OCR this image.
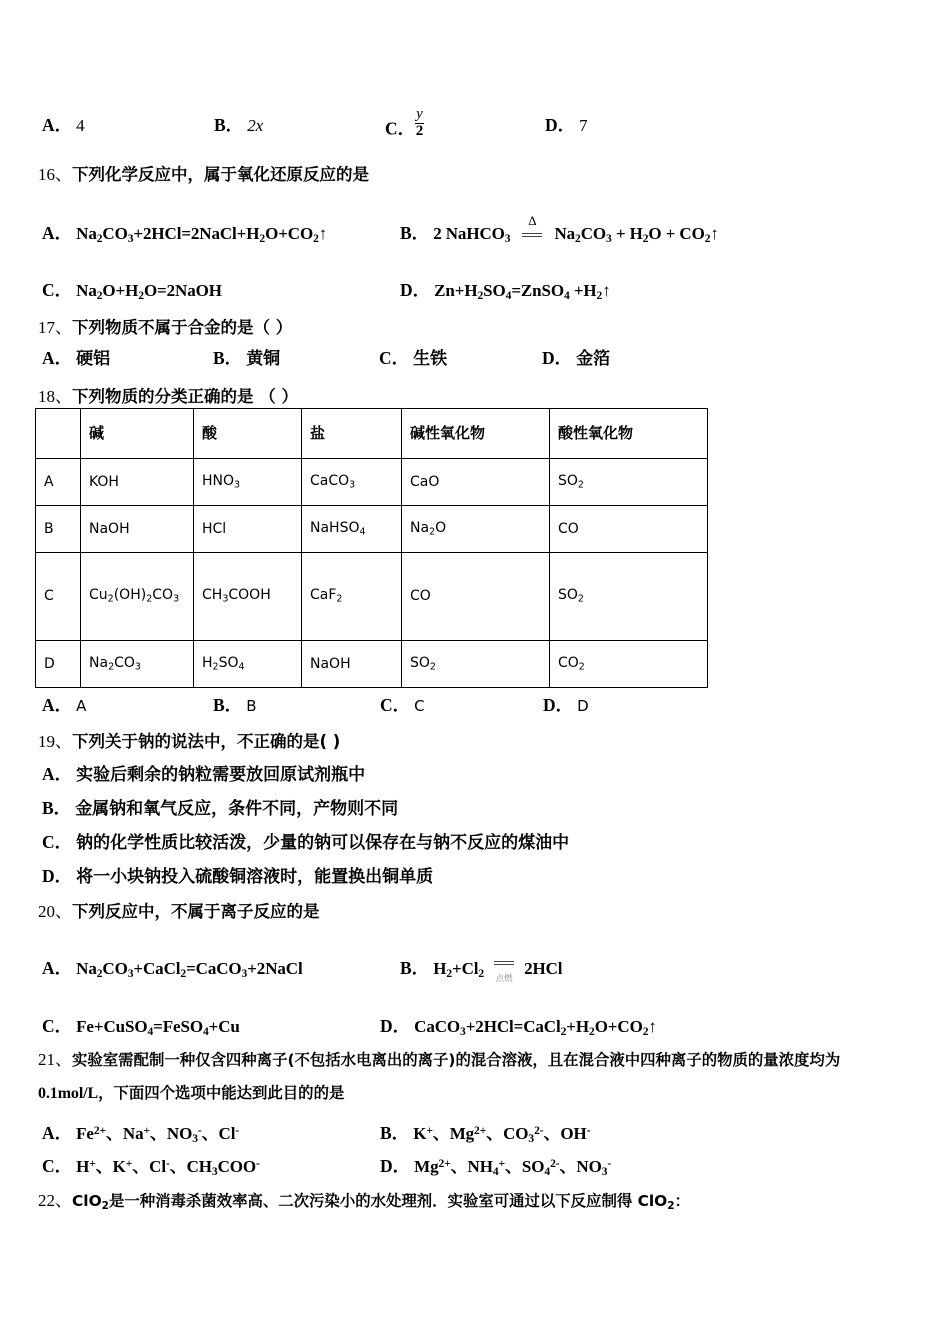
A． 4	B． 2x	C． $\frac{y}{2}$	D． 7
16、下列化学反应中，属于氧化还原反应的是
A． $Na_2CO_3+2HCl=2NaCl+H_2O+CO_2↑$	B． 2 NaHCO$_3$
Δ
$Na_2CO_3 + H_2O$ + $CO_2↑$
C． $Na_2O+H_2O=2NaOH$	D． $Zn+H_2SO_4=ZnSO_4$ $+H_2↑$
17、下列物质不属于合金的是（ ）
A． 硬铝	B． 黄铜	C． 生铁	D． 金箔
18、下列物质的分类正确的是 （ ）
	碱	酸	盐	碱性氧化物	酸性氧化物
A	KOH	$HNO_3$	CaCO$_3$	CaO	$SO_2$
B	NaOH	HCl	NaHSO$_4$	$Na_2O$	CO
C	$Cu_2(OH)_2CO_3$	$CH_3COOH$	CaF$_2$	CO	$SO_2$
D	$Na_2CO_3$	$H_2SO_4$	NaOH	$SO_2$	$CO_2$
A． A	B． B	C． C	D． D
19、下列关于钠的说法中，不正确的是( )
A． 实验后剩余的钠粒需要放回原试剂瓶中
B． 金属钠和氧气反应，条件不同，产物则不同
C． 钠的化学性质比较活泼，少量的钠可以保存在与钠不反应的煤油中
D． 将一小块钠投入硫酸铜溶液时，能置换出铜单质
20、下列反应中，不属于离子反应的是
A． $Na_2CO_3+CaCl_2=CaCO_3+2NaCl$	B． $H_2+Cl_2$	点燃
2HCl
C． Fe+CuSO$_4$=FeSO$_4$+Cu	D． $CaCO_3+2HCl=CaCl_2+H_2O+CO_2↑$
21、实验室需配制一种仅含四种离子(不包括水电离出的离子)的混合溶液，且在混合液中四种离子的物质的量浓度均为
0.1mol/L，下面四个选项中能达到此目的的是
A． $Fe^{2+}$、Na+、$NO_3^-$、Cl-	B． K+、$Mg^{2+}$、$CO_3^{2-}$、OH-
C． H+、K+、Cl-、$CH_3COO^-$	D． $Mg^{2+}$、$NH_4^+$、$SO_4^{2-}$、$NO_3^-$
22、ClO$_2$是一种消毒杀菌效率高、二次污染小的水处理剂．实验室可通过以下反应制得 ClO$_2$：
